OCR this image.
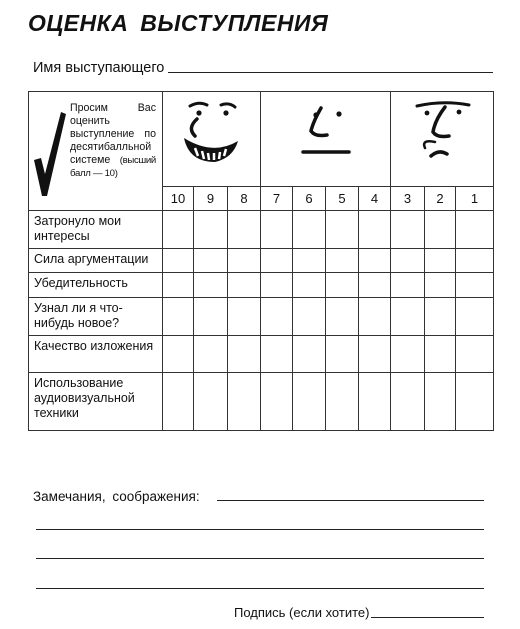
ОЦЕНКА ВЫСТУПЛЕНИЯ
Имя выступающего
Просим Вас оценить выступление по десятибалльной системе (высший балл — 10)

	10	9	8	7	6	5	4	3	2	1
Затронуло мои интересы										
Сила аргументации										
Убедительность										
Узнал ли я что-нибудь новое?										
Качество изложения										
Использование аудиовизуальной техники										
Замечания, соображения:
Подпись (если хотите)
